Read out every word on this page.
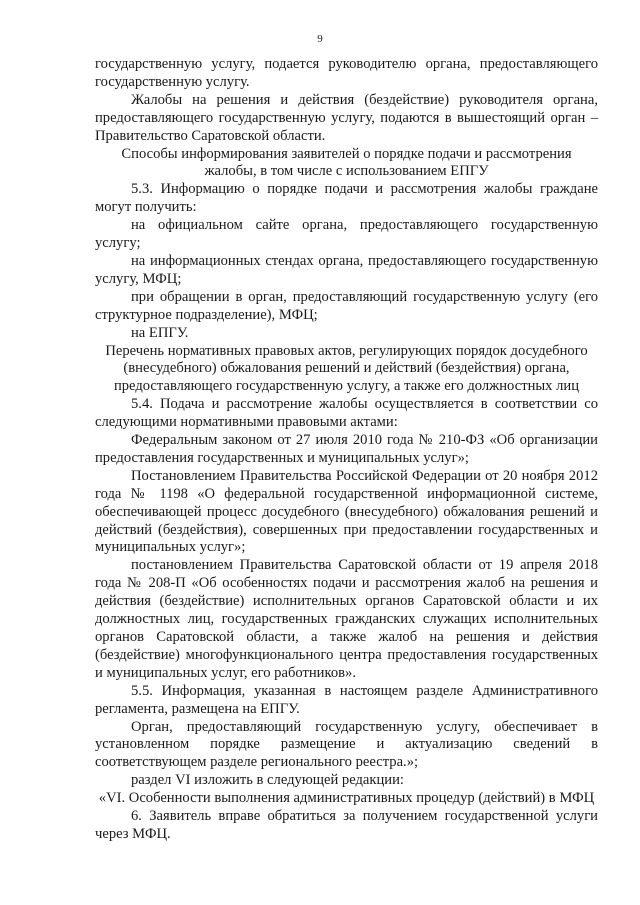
9

государственную услугу, подается руководителю органа, предоставляющего государственную услугу.

Жалобы на решения и действия (бездействие) руководителя органа, предоставляющего государственную услугу, подаются в вышестоящий орган – Правительство Саратовской области.

Способы информирования заявителей о порядке подачи и рассмотрения жалобы, в том числе с использованием ЕПГУ

5.3. Информацию о порядке подачи и рассмотрения жалобы граждане могут получить:

на официальном сайте органа, предоставляющего государственную услугу;

на информационных стендах органа, предоставляющего государственную услугу, МФЦ;

при обращении в орган, предоставляющий государственную услугу (его структурное подразделение), МФЦ;

на ЕПГУ.

Перечень нормативных правовых актов, регулирующих порядок досудебного (внесудебного) обжалования решений и действий (бездействия) органа, предоставляющего государственную услугу, а также его должностных лиц

5.4. Подача и рассмотрение жалобы осуществляется в соответствии со следующими нормативными правовыми актами:

Федеральным законом от 27 июля 2010 года № 210-ФЗ «Об организации предоставления государственных и муниципальных услуг»;

Постановлением Правительства Российской Федерации от 20 ноября 2012 года № 1198 «О федеральной государственной информационной системе, обеспечивающей процесс досудебного (внесудебного) обжалования решений и действий (бездействия), совершенных при предоставлении государственных и муниципальных услуг»;

постановлением Правительства Саратовской области от 19 апреля 2018 года № 208-П «Об особенностях подачи и рассмотрения жалоб на решения и действия (бездействие) исполнительных органов Саратовской области и их должностных лиц, государственных гражданских служащих исполнительных органов Саратовской области, а также жалоб на решения и действия (бездействие) многофункционального центра предоставления государственных и муниципальных услуг, его работников».

5.5. Информация, указанная в настоящем разделе Административного регламента, размещена на ЕПГУ.

Орган, предоставляющий государственную услугу, обеспечивает в установленном порядке размещение и актуализацию сведений в соответствующем разделе регионального реестра.»;

раздел VI изложить в следующей редакции:

«VI. Особенности выполнения административных процедур (действий) в МФЦ

6. Заявитель вправе обратиться за получением государственной услуги через МФЦ.
